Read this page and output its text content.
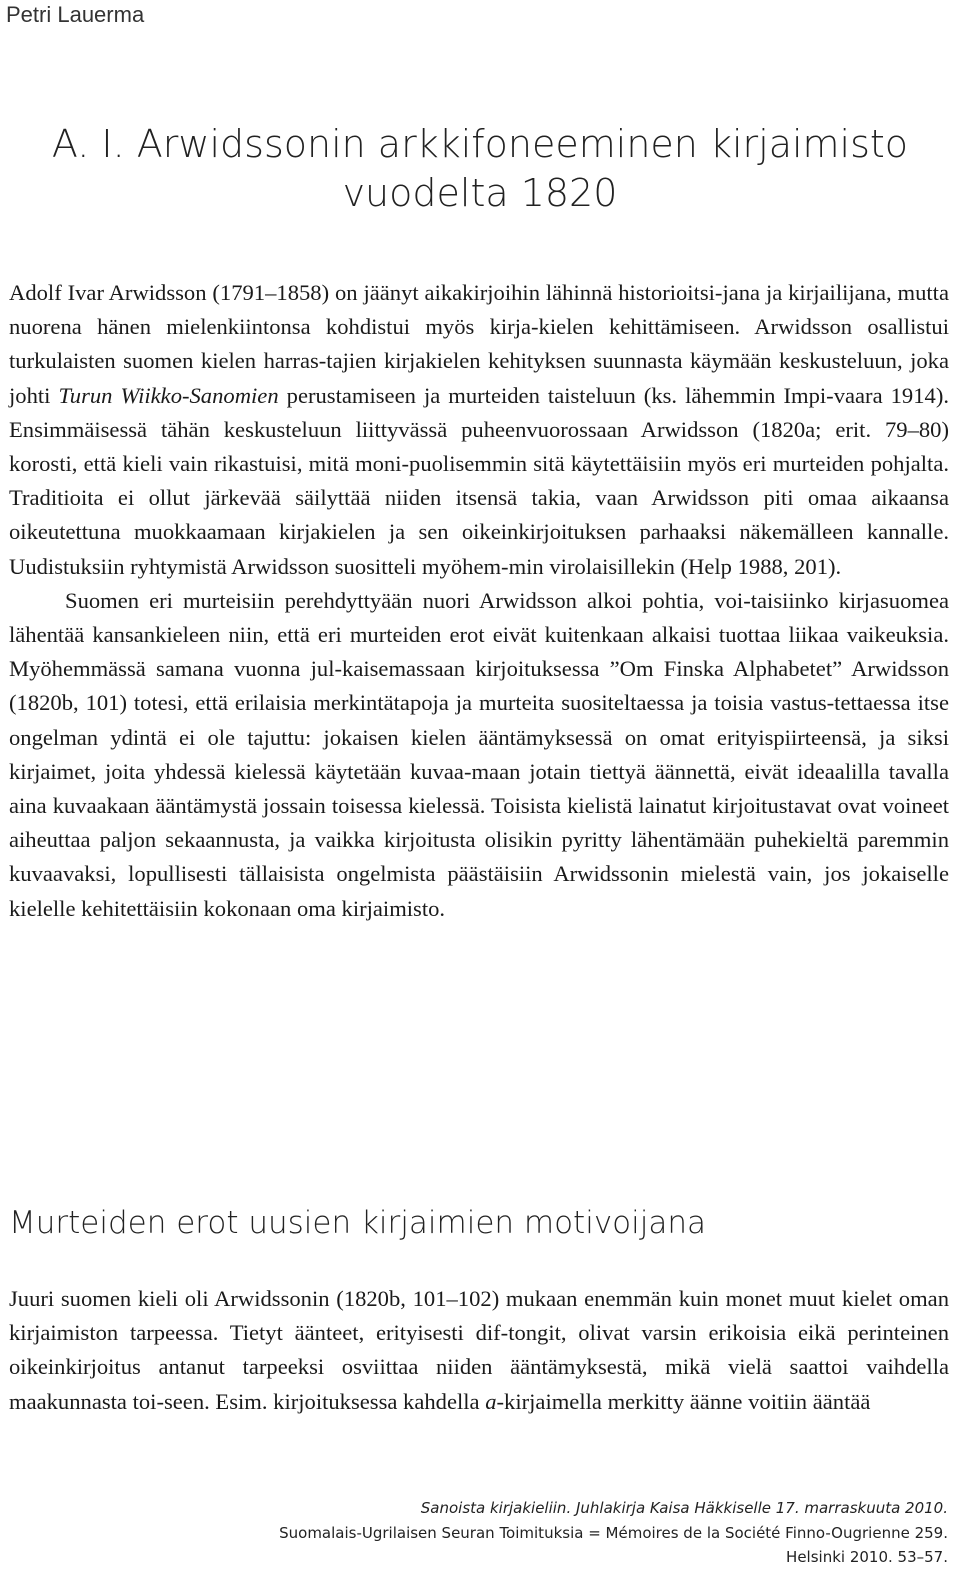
Petri Lauerma
A. I. Arwidssonin arkkifoneeminen kirjaimisto
vuodelta 1820

Adolf Ivar Arwidsson (1791–1858) on jäänyt aikakirjoihin lähinnä historioitsi-jana ja kirjailijana, mutta nuorena hänen mielenkiintonsa kohdistui myös kirja-kielen kehittämiseen. Arwidsson osallistui turkulaisten suomen kielen harras-tajien kirjakielen kehityksen suunnasta käymään keskusteluun, joka johti Turun Wiikko-Sanomien perustamiseen ja murteiden taisteluun (ks. lähemmin Impi-vaara 1914). Ensimmäisessä tähän keskusteluun liittyvässä puheenvuorossaan Arwidsson (1820a; erit. 79–80) korosti, että kieli vain rikastuisi, mitä moni-puolisemmin sitä käytettäisiin myös eri murteiden pohjalta. Traditioita ei ollut järkevää säilyttää niiden itsensä takia, vaan Arwidsson piti omaa aikaansa oikeutettuna muokkaamaan kirjakielen ja sen oikeinkirjoituksen parhaaksi näkemälleen kannalle. Uudistuksiin ryhtymistä Arwidsson suositteli myöhem-min virolaisillekin (Help 1988, 201).

Suomen eri murteisiin perehdyttyään nuori Arwidsson alkoi pohtia, voi-taisiinko kirjasuomea lähentää kansankieleen niin, että eri murteiden erot eivät kuitenkaan alkaisi tuottaa liikaa vaikeuksia. Myöhemmässä samana vuonna jul-kaisemassaan kirjoituksessa ”Om Finska Alphabetet” Arwidsson (1820b, 101) totesi, että erilaisia merkintätapoja ja murteita suositeltaessa ja toisia vastus-tettaessa itse ongelman ydintä ei ole tajuttu: jokaisen kielen ääntämyksessä on omat erityispiirteensä, ja siksi kirjaimet, joita yhdessä kielessä käytetään kuvaa-maan jotain tiettyä äännettä, eivät ideaalilla tavalla aina kuvaakaan ääntämystä jossain toisessa kielessä. Toisista kielistä lainatut kirjoitustavat ovat voineet aiheuttaa paljon sekaannusta, ja vaikka kirjoitusta olisikin pyritty lähentämään puhekieltä paremmin kuvaavaksi, lopullisesti tällaisista ongelmista päästäisiin Arwidssonin mielestä vain, jos jokaiselle kielelle kehitettäisiin kokonaan oma kirjaimisto.

Murteiden erot uusien kirjaimien motivoijana

Juuri suomen kieli oli Arwidssonin (1820b, 101–102) mukaan enemmän kuin monet muut kielet oman kirjaimiston tarpeessa. Tietyt äänteet, erityisesti dif-tongit, olivat varsin erikoisia eikä perinteinen oikeinkirjoitus antanut tarpeeksi osviittaa niiden ääntämyksestä, mikä vielä saattoi vaihdella maakunnasta toi-seen. Esim. kirjoituksessa kahdella a-kirjaimella merkitty äänne voitiin ääntää

Sanoista kirjakieliin. Juhlakirja Kaisa Häkkiselle 17. marraskuuta 2010.
Suomalais-Ugrilaisen Seuran Toimituksia = Mémoires de la Société Finno-Ougrienne 259.
Helsinki 2010. 53–57.
